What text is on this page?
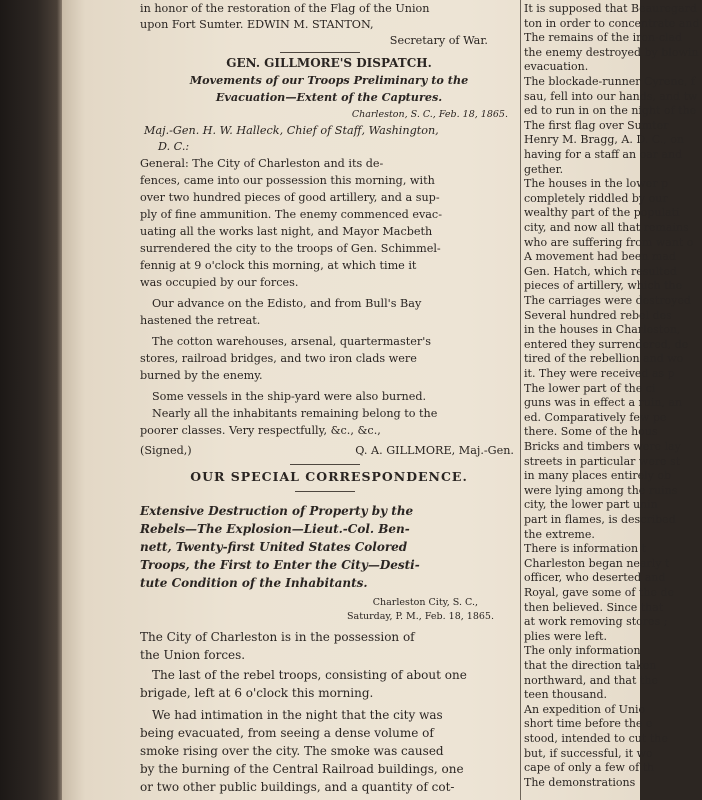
in honor of the restoration of the Flag of the Union
upon Fort Sumter. EDWIN M. STANTON,
Secretary of War.
GEN. GILLMORE'S DISPATCH.
Movements of our Troops Preliminary to the
Evacuation—Extent of the Captures.
Charleston, S. C., Feb. 18, 1865.
Maj.-Gen. H. W. Halleck, Chief of Staff, Washington,
D. C.:
General: The City of Charleston and its de-
fences, came into our possession this morning, with
over two hundred pieces of good artillery, and a sup-
ply of fine ammunition. The enemy commenced evac-
uating all the works last night, and Mayor Macbeth
surrendered the city to the troops of Gen. Schimmel-
fennig at 9 o'clock this morning, at which time it
was occupied by our forces.
Our advance on the Edisto, and from Bull's Bay
hastened the retreat.
The cotton warehouses, arsenal, quartermaster's
stores, railroad bridges, and two iron clads were
burned by the enemy.
Some vessels in the ship-yard were also burned.
Nearly all the inhabitants remaining belong to the
poorer classes. Very respectfully, &c., &c.,
(Signed,)	Q. A. GILLMORE, Maj.-Gen.
OUR SPECIAL CORRESPONDENCE.
Extensive Destruction of Property by the
Rebels—The Explosion—Lieut.-Col. Ben-
nett, Twenty-first United States Colored
Troops, the First to Enter the City—Desti-
tute Condition of the Inhabitants.
Charleston City, S. C.,
Saturday, P. M., Feb. 18, 1865.
The City of Charleston is in the possession of
the Union forces.
The last of the rebel troops, consisting of about one
brigade, left at 6 o'clock this morning.
We had intimation in the night that the city was
being evacuated, from seeing a dense volume of
smoke rising over the city. The smoke was caused
by the burning of the Central Railroad buildings, one
or two other public buildings, and a quantity of cot-
It is supposed that Beauregard
ton in order to concentrate and
The remains of the iron-clad
the enemy destroyed by blowin
evacuation.
The blockade-runner Cyrene, f
sau, fell into our hands, and tw
ed to run in on the night of the
The first flag over Sumter
Henry M. Bragg, A. D. C., on
having for a staff an oar and
gether.
The houses in the lower p
completely riddled by our
wealthy part of the populati
city, and now all that remains
who are suffering from want o
A movement had been mad
Gen. Hatch, which resulted
pieces of artillery, which the
The carriages were destroyed
Several hundred rebel des
in the houses in Charleston,
entered they surrendered, de
tired of the rebellion and wo
it. They were received as p
The lower part of the ci
guns was in effect a ruin, an
ed. Comparatively few pe
there. Some of the hous
Bricks and timbers were lay
streets in particular were st
in many places entirely ob
were lying among the ruins
city, the lower part unin
part in flames, is described
the extreme.
There is information t
Charleston began nearly t
officer, who deserted and
Royal, gave some of the de
then believed. Since that
at work removing stores ;
plies were left.
The only information
that the direction taken
northward, and that the
teen thousand.
An expedition of Unio
short time before the e
stood, intended to cut the
but, if successful, it wo
cape of only a few of th
The demonstrations
